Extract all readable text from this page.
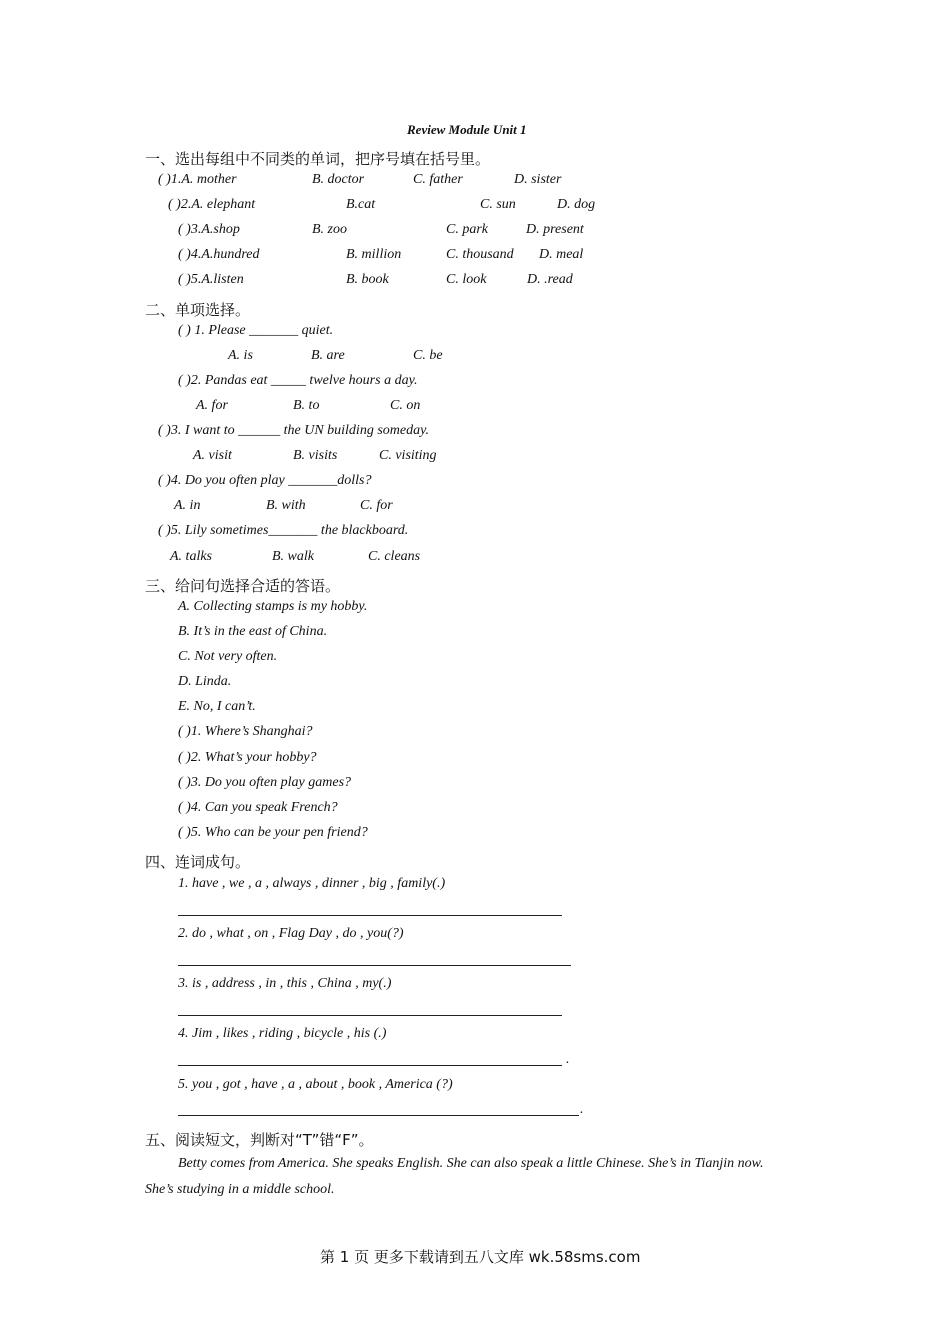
Review Module Unit 1
一、选出每组中不同类的单词，把序号填在括号里。
( )1.A. mother	B. doctor	C. father	D. sister
( )2.A. elephant	B.cat	C. sun	D. dog
( )3.A.shop	B. zoo	C. park	D. present
( )4.A.hundred	B. million	C. thousand D. meal
( )5.A.listen	B. book	C. look	D. .read
二、单项选择。
( ) 1. Please _______ quiet.
A. is	B. are	C. be
( )2. Pandas eat _____ twelve hours a day.
A. for	B. to	C. on
( )3. I want to ______ the UN building someday.
A. visit	B. visits	C. visiting
( )4. Do you often play _______dolls?
A. in	B. with	C. for
( )5. Lily sometimes_______ the blackboard.
A. talks	B. walk	C. cleans
三、给问句选择合适的答语。
A. Collecting stamps is my hobby.
B. It’s in the east of China.
C. Not very often.
D. Linda.
E. No, I can’t.
( )1. Where’s Shanghai?
( )2. What’s your hobby?
( )3. Do you often play games?
( )4. Can you speak French?
( )5. Who can be your pen friend?
四、连词成句。
1. have , we , a , always , dinner , big , family(.)
2. do , what , on , Flag Day , do , you(?)
3. is , address , in , this , China , my(.)
4. Jim , likes , riding , bicycle , his (.)
.
5. you , got , have , a , about , book , America (?)
.
五、阅读短文，判断对“T”错“F”。
Betty comes from America. She speaks English. She can also speak a little Chinese. She’s in Tianjin now.
She’s studying in a middle school.
第 1 页 更多下载请到五八文库 wk.58sms.com
